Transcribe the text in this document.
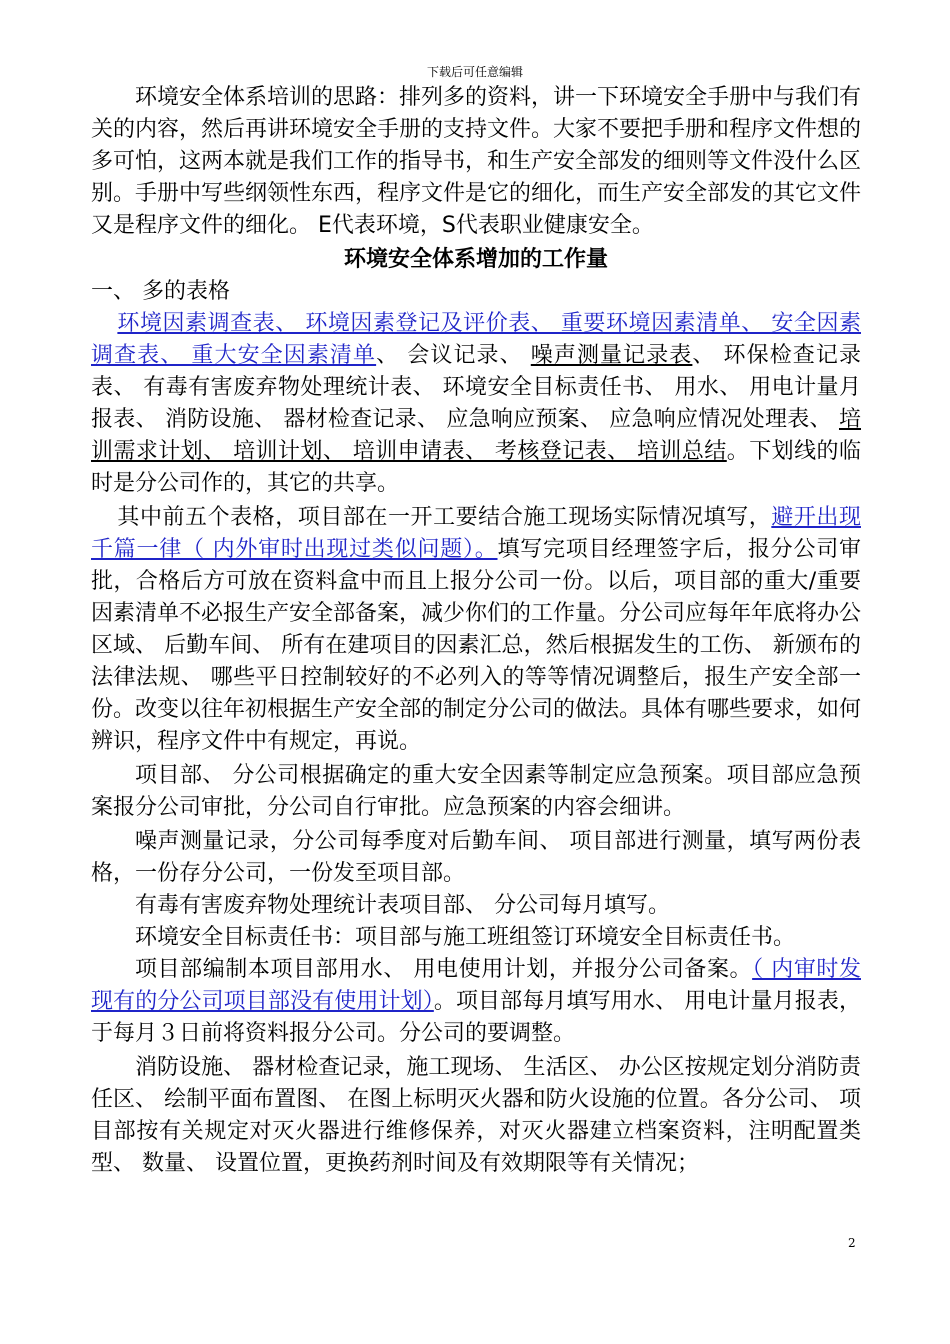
下载后可任意编辑

环境安全体系培训的思路：排列多的资料，讲一下环境安全手册中与我们有关的内容，然后再讲环境安全手册的支持文件。大家不要把手册和程序文件想的多可怕，这两本就是我们工作的指导书，和生产安全部发的细则等文件没什么区别。手册中写些纲领性东西，程序文件是它的细化，而生产安全部发的其它文件又是程序文件的细化。 E代表环境，S代表职业健康安全。

环境安全体系增加的工作量

一、 多的表格

环境因素调查表、 环境因素登记及评价表、 重要环境因素清单、 安全因素调查表、 重大安全因素清单、 会议记录、 噪声测量记录表、 环保检查记录表、 有毒有害废弃物处理统计表、 环境安全目标责任书、 用水、 用电计量月报表、 消防设施、 器材检查记录、 应急响应预案、 应急响应情况处理表、 培训需求计划、 培训计划、 培训申请表、 考核登记表、 培训总结。下划线的临时是分公司作的，其它的共享。

其中前五个表格，项目部在一开工要结合施工现场实际情况填写，避开出现千篇一律（ 内外审时出现过类似问题）。填写完项目经理签字后，报分公司审批，合格后方可放在资料盒中而且上报分公司一份。以后，项目部的重大/重要因素清单不必报生产安全部备案，减少你们的工作量。分公司应每年年底将办公区域、 后勤车间、 所有在建项目的因素汇总，然后根据发生的工伤、 新颁布的法律法规、 哪些平日控制较好的不必列入的等等情况调整后，报生产安全部一份。改变以往年初根据生产安全部的制定分公司的做法。具体有哪些要求，如何辨识，程序文件中有规定，再说。

项目部、 分公司根据确定的重大安全因素等制定应急预案。项目部应急预案报分公司审批，分公司自行审批。应急预案的内容会细讲。

噪声测量记录，分公司每季度对后勤车间、 项目部进行测量，填写两份表格，一份存分公司，一份发至项目部。

有毒有害废弃物处理统计表项目部、 分公司每月填写。

环境安全目标责任书：项目部与施工班组签订环境安全目标责任书。

项目部编制本项目部用水、 用电使用计划，并报分公司备案。（ 内审时发现有的分公司项目部没有使用计划）。项目部每月填写用水、 用电计量月报表，于每月３日前将资料报分公司。分公司的要调整。

消防设施、 器材检查记录，施工现场、 生活区、 办公区按规定划分消防责任区、 绘制平面布置图、 在图上标明灭火器和防火设施的位置。各分公司、 项目部按有关规定对灭火器进行维修保养，对灭火器建立档案资料，注明配置类型、 数量、 设置位置，更换药剂时间及有效期限等有关情况；

2
